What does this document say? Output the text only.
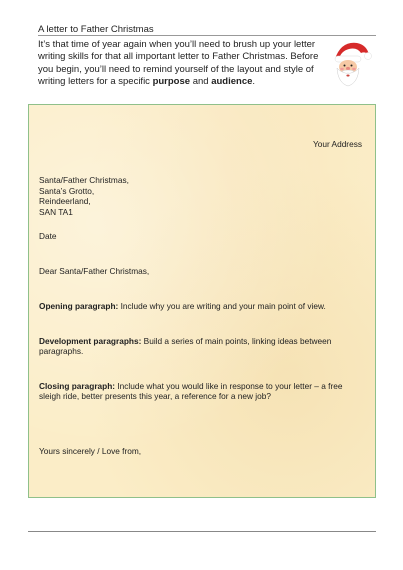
A letter to Father Christmas
It’s that time of year again when you’ll need to brush up your letter writing skills for that all important letter to Father Christmas. Before you begin, you’ll need to remind yourself of the layout and style of writing letters for a specific purpose and audience.
Your Address
Santa/Father Christmas,
Santa’s Grotto,
Reindeerland,
SAN TA1
Date
Dear Santa/Father Christmas,
Opening paragraph: Include why you are writing and your main point of view.
Development paragraphs: Build a series of main points, linking ideas between paragraphs.
Closing paragraph: Include what you would like in response to your letter – a free sleigh ride, better presents this year, a reference for a new job?
Yours sincerely / Love from,
